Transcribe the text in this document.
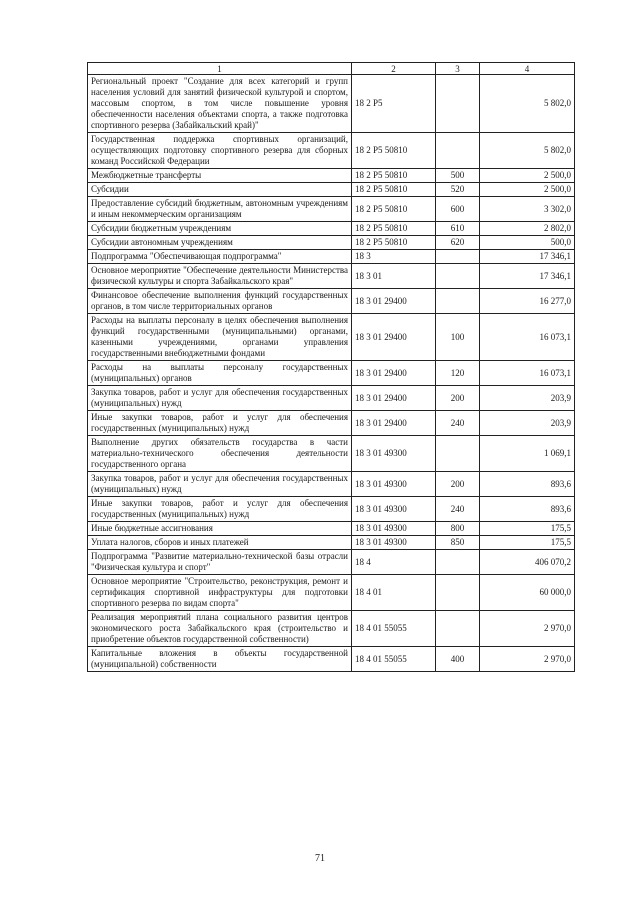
1	2	3	4
Региональный проект "Создание для всех категорий и групп населения условий для занятий физической культурой и спортом, массовым спортом, в том числе повышение уровня обеспеченности населения объектами спорта, а также подготовка спортивного резерва (Забайкальский край)"	18 2 Р5		5 802,0
Государственная поддержка спортивных организаций, осуществляющих подготовку спортивного резерва для сборных команд Российской Федерации	18 2 Р5 50810		5 802,0
Межбюджетные трансферты	18 2 Р5 50810	500	2 500,0
Субсидии	18 2 Р5 50810	520	2 500,0
Предоставление субсидий бюджетным, автономным учреждениям и иным некоммерческим организациям	18 2 Р5 50810	600	3 302,0
Субсидии бюджетным учреждениям	18 2 Р5 50810	610	2 802,0
Субсидии автономным учреждениям	18 2 Р5 50810	620	500,0
Подпрограмма "Обеспечивающая подпрограмма"	18 3		17 346,1
Основное мероприятие "Обеспечение деятельности Министерства физической культуры и спорта Забайкальского края"	18 3 01		17 346,1
Финансовое обеспечение выполнения функций государственных органов, в том числе территориальных органов	18 3 01 29400		16 277,0
Расходы на выплаты персоналу в целях обеспечения выполнения функций государственными (муниципальными) органами, казенными учреждениями, органами управления государственными внебюджетными фондами	18 3 01 29400	100	16 073,1
Расходы на выплаты персоналу государственных (муниципальных) органов	18 3 01 29400	120	16 073,1
Закупка товаров, работ и услуг для обеспечения государственных (муниципальных) нужд	18 3 01 29400	200	203,9
Иные закупки товаров, работ и услуг для обеспечения государственных (муниципальных) нужд	18 3 01 29400	240	203,9
Выполнение других обязательств государства в части материально-технического обеспечения деятельности государственного органа	18 3 01 49300		1 069,1
Закупка товаров, работ и услуг для обеспечения государственных (муниципальных) нужд	18 3 01 49300	200	893,6
Иные закупки товаров, работ и услуг для обеспечения государственных (муниципальных) нужд	18 3 01 49300	240	893,6
Иные бюджетные ассигнования	18 3 01 49300	800	175,5
Уплата налогов, сборов и иных платежей	18 3 01 49300	850	175,5
Подпрограмма "Развитие материально-технической базы отрасли "Физическая культура и спорт"	18 4		406 070,2
Основное мероприятие "Строительство, реконструкция, ремонт и сертификация спортивной инфраструктуры для подготовки спортивного резерва по видам спорта"	18 4 01		60 000,0
Реализация мероприятий плана социального развития центров экономического роста Забайкальского края (строительство и приобретение объектов государственной собственности)	18 4 01 55055		2 970,0
Капитальные вложения в объекты государственной (муниципальной) собственности	18 4 01 55055	400	2 970,0
71
